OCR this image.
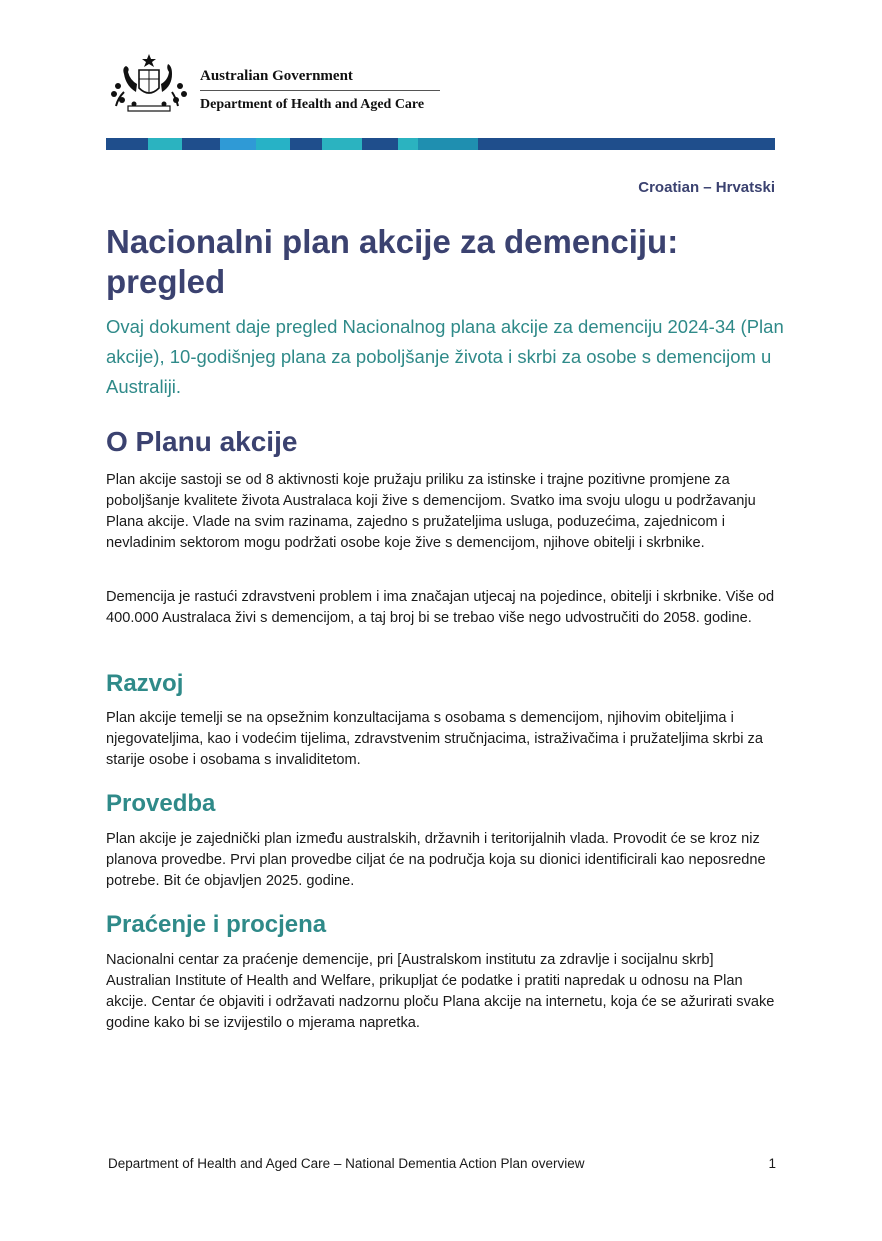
Australian Government
Department of Health and Aged Care
Croatian – Hrvatski
Nacionalni plan akcije za demenciju: pregled

Ovaj dokument daje pregled Nacionalnog plana akcije za demenciju 2024-34 (Plan akcije), 10-godišnjeg plana za poboljšanje života i skrbi za osobe s demencijom u Australiji.

O Planu akcije

Plan akcije sastoji se od 8 aktivnosti koje pružaju priliku za istinske i trajne pozitivne promjene za poboljšanje kvalitete života Australaca koji žive s demencijom. Svatko ima svoju ulogu u podržavanju Plana akcije. Vlade na svim razinama, zajedno s pružateljima usluga, poduzećima, zajednicom i nevladinim sektorom mogu podržati osobe koje žive s demencijom, njihove obitelji i skrbnike.

Demencija je rastući zdravstveni problem i ima značajan utjecaj na pojedince, obitelji i skrbnike. Više od 400.000 Australaca živi s demencijom, a taj broj bi se trebao više nego udvostručiti do 2058. godine.

Razvoj

Plan akcije temelji se na opsežnim konzultacijama s osobama s demencijom, njihovim obiteljima i njegovateljima, kao i vodećim tijelima, zdravstvenim stručnjacima, istraživačima i pružateljima skrbi za starije osobe i osobama s invaliditetom.

Provedba

Plan akcije je zajednički plan između australskih, državnih i teritorijalnih vlada. Provodit će se kroz niz planova provedbe. Prvi plan provedbe ciljat će na područja koja su dionici identificirali kao neposredne potrebe. Bit će objavljen 2025. godine.

Praćenje i procjena

Nacionalni centar za praćenje demencije, pri [Australskom institutu za zdravlje i socijalnu skrb] Australian Institute of Health and Welfare, prikupljat će podatke i pratiti napredak u odnosu na Plan akcije. Centar će objaviti i održavati nadzornu ploču Plana akcije na internetu, koja će se ažurirati svake godine kako bi se izvijestilo o mjerama napretka.

Department of Health and Aged Care – National Dementia Action Plan overview	1
